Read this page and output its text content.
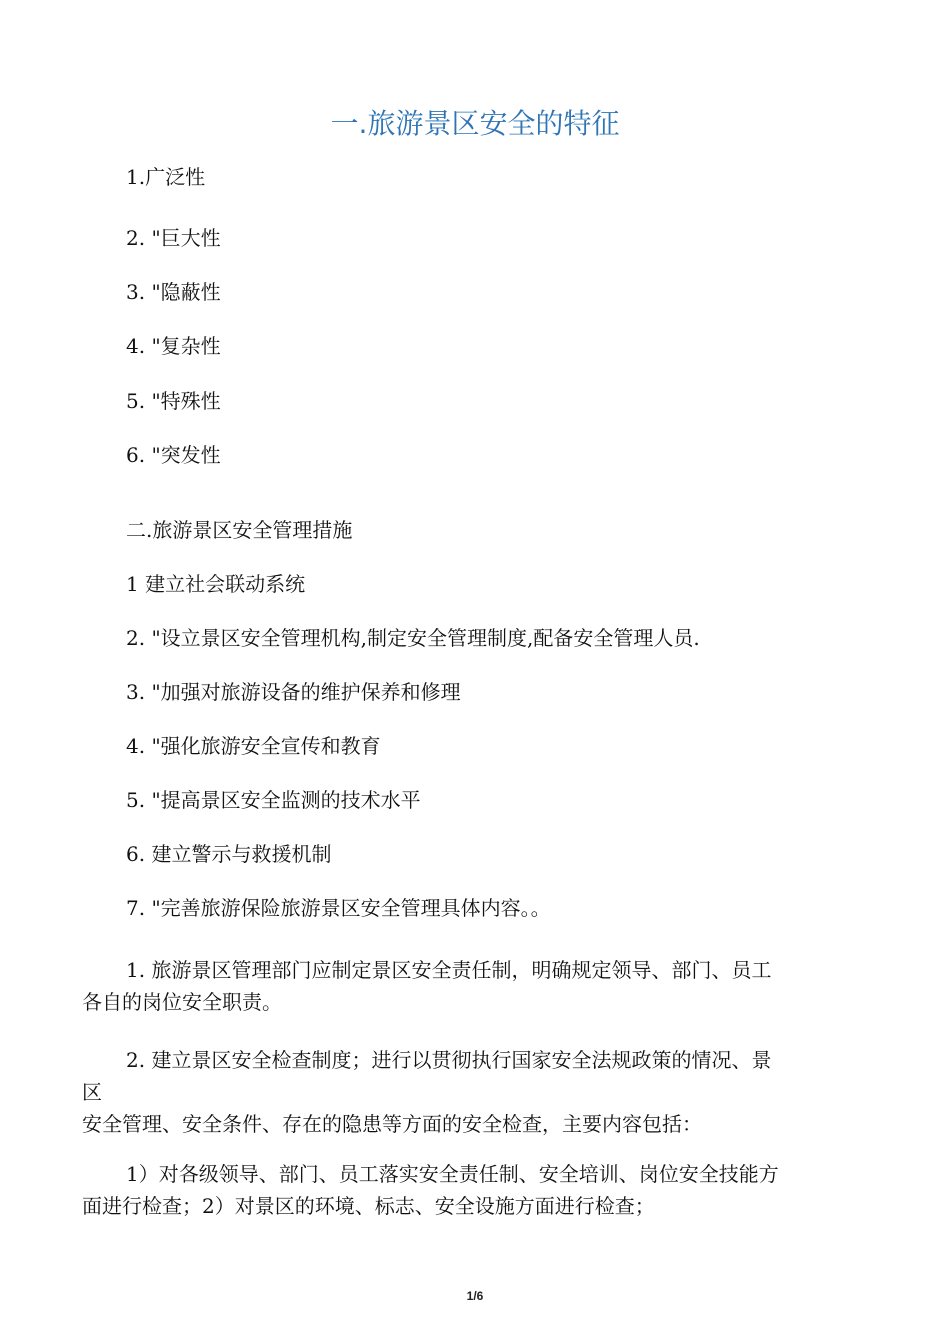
一.旅游景区安全的特征
1.广泛性
2. "巨大性
3. "隐蔽性
4. "复杂性
5. "特殊性
6. "突发性
二.旅游景区安全管理措施
1 建立社会联动系统
2. "设立景区安全管理机构,制定安全管理制度,配备安全管理人员.
3. "加强对旅游设备的维护保养和修理
4. "强化旅游安全宣传和教育
5. "提高景区安全监测的技术水平
6. 建立警示与救援机制
7. "完善旅游保险旅游景区安全管理具体内容。。
1. 旅游景区管理部门应制定景区安全责任制，明确规定领导、部门、员工
各自的岗位安全职责。
2. 建立景区安全检查制度；进行以贯彻执行国家安全法规政策的情况、景
区
安全管理、安全条件、存在的隐患等方面的安全检查，主要内容包括：
1）对各级领导、部门、员工落实安全责任制、安全培训、岗位安全技能方
面进行检查；2）对景区的环境、标志、安全设施方面进行检查；
1/6
